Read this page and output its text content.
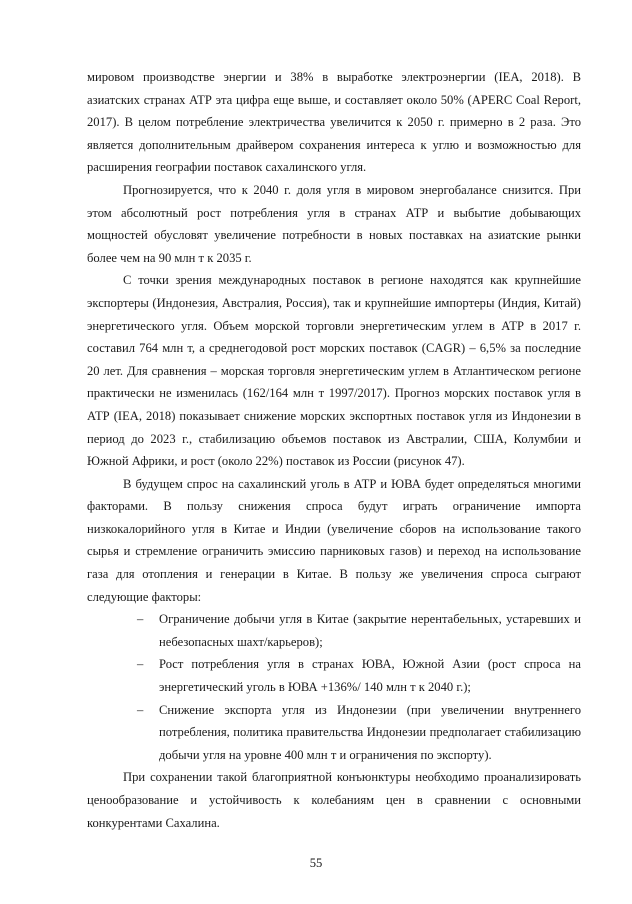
мировом производстве энергии и 38% в выработке электроэнергии (IEA, 2018). В азиатских странах АТР эта цифра еще выше, и составляет около 50% (APERC Coal Report, 2017). В целом потребление электричества увеличится к 2050 г. примерно в 2 раза. Это является дополнительным драйвером сохранения интереса к углю и возможностью для расширения географии поставок сахалинского угля.

Прогнозируется, что к 2040 г. доля угля в мировом энергобалансе снизится. При этом абсолютный рост потребления угля в странах АТР и выбытие добывающих мощностей обусловят увеличение потребности в новых поставках на азиатские рынки более чем на 90 млн т к 2035 г.

С точки зрения международных поставок в регионе находятся как крупнейшие экспортеры (Индонезия, Австралия, Россия), так и крупнейшие импортеры (Индия, Китай) энергетического угля. Объем морской торговли энергетическим углем в АТР в 2017 г. составил 764 млн т, а среднегодовой рост морских поставок (CAGR) – 6,5% за последние 20 лет. Для сравнения – морская торговля энергетическим углем в Атлантическом регионе практически не изменилась (162/164 млн т 1997/2017). Прогноз морских поставок угля в АТР (IEA, 2018) показывает снижение морских экспортных поставок угля из Индонезии в период до 2023 г., стабилизацию объемов поставок из Австралии, США, Колумбии и Южной Африки, и рост (около 22%) поставок из России (рисунок 47).

В будущем спрос на сахалинский уголь в АТР и ЮВА будет определяться многими факторами. В пользу снижения спроса будут играть ограничение импорта низкокалорийного угля в Китае и Индии (увеличение сборов на использование такого сырья и стремление ограничить эмиссию парниковых газов) и переход на использование газа для отопления и генерации в Китае. В пользу же увеличения спроса сыграют следующие факторы:

– Ограничение добычи угля в Китае (закрытие нерентабельных, устаревших и небезопасных шахт/карьеров);
– Рост потребления угля в странах ЮВА, Южной Азии (рост спроса на энергетический уголь в ЮВА +136%/ 140 млн т к 2040 г.);
– Снижение экспорта угля из Индонезии (при увеличении внутреннего потребления, политика правительства Индонезии предполагает стабилизацию добычи угля на уровне 400 млн т и ограничения по экспорту).

При сохранении такой благоприятной конъюнктуры необходимо проанализировать ценообразование и устойчивость к колебаниям цен в сравнении с основными конкурентами Сахалина.

55
